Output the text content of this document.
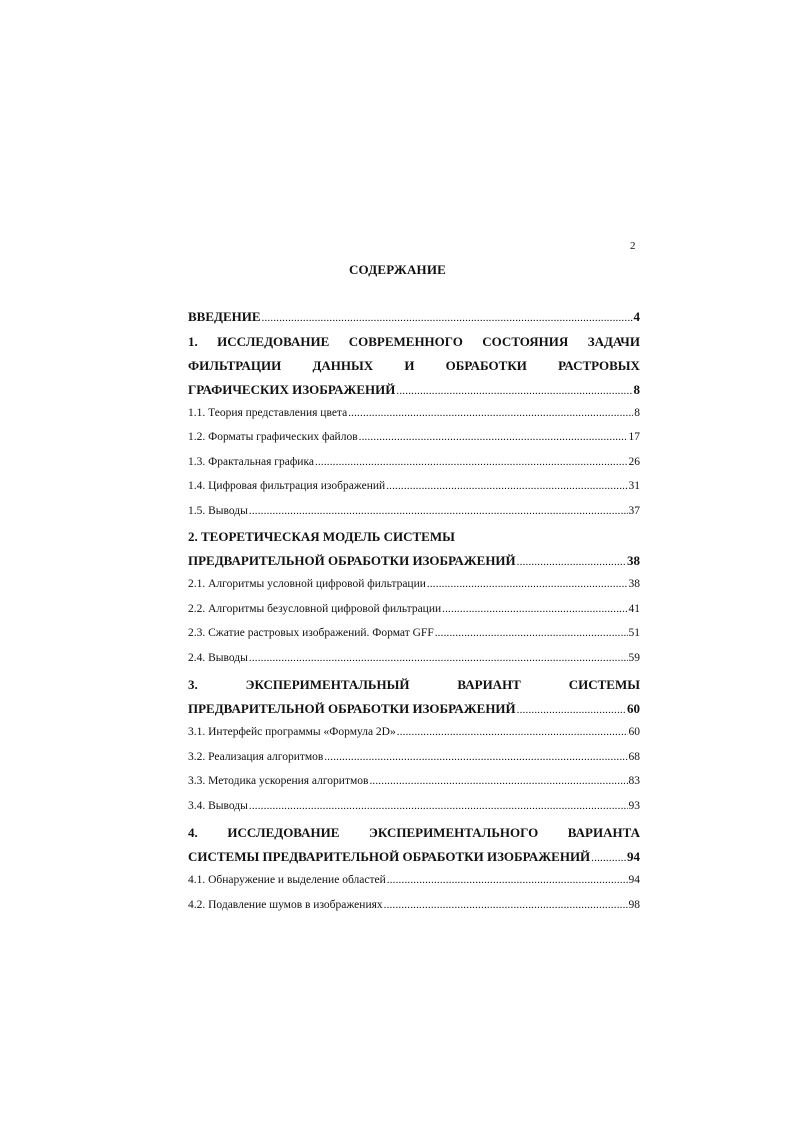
2
СОДЕРЖАНИЕ
ВВЕДЕНИЕ .....	4
1. ИССЛЕДОВАНИЕ СОВРЕМЕННОГО СОСТОЯНИЯ ЗАДАЧИ
ФИЛЬТРАЦИИ ДАННЫХ И ОБРАБОТКИ РАСТРОВЫХ
ГРАФИЧЕСКИХ ИЗОБРАЖЕНИЙ .....	8
1.1. Теория представления цвета .....	8
1.2. Форматы графических файлов .....	17
1.3. Фрактальная графика .....	26
1.4. Цифровая фильтрация изображений .....	31
1.5. Выводы .....	37
2. ТЕОРЕТИЧЕСКАЯ МОДЕЛЬ СИСТЕМЫ
ПРЕДВАРИТЕЛЬНОЙ ОБРАБОТКИ ИЗОБРАЖЕНИЙ .....	38
2.1. Алгоритмы условной цифровой фильтрации .....	38
2.2. Алгоритмы безусловной цифровой фильтрации .....	41
2.3. Сжатие растровых изображений. Формат GFF .....	51
2.4. Выводы .....	59
3.	ЭКСПЕРИМЕНТАЛЬНЫЙ	ВАРИАНТ	СИСТЕМЫ
ПРЕДВАРИТЕЛЬНОЙ ОБРАБОТКИ ИЗОБРАЖЕНИЙ .....	60
3.1. Интерфейс программы «Формула 2D» .....	60
3.2. Реализация алгоритмов .....	68
3.3. Методика ускорения алгоритмов .....	83
3.4. Выводы .....	93
4. ИССЛЕДОВАНИЕ ЭКСПЕРИМЕНТАЛЬНОГО ВАРИАНТА
СИСТЕМЫ ПРЕДВАРИТЕЛЬНОЙ ОБРАБОТКИ ИЗОБРАЖЕНИЙ .....	94
4.1. Обнаружение и выделение областей .....	94
4.2. Подавление шумов в изображениях .....	98
